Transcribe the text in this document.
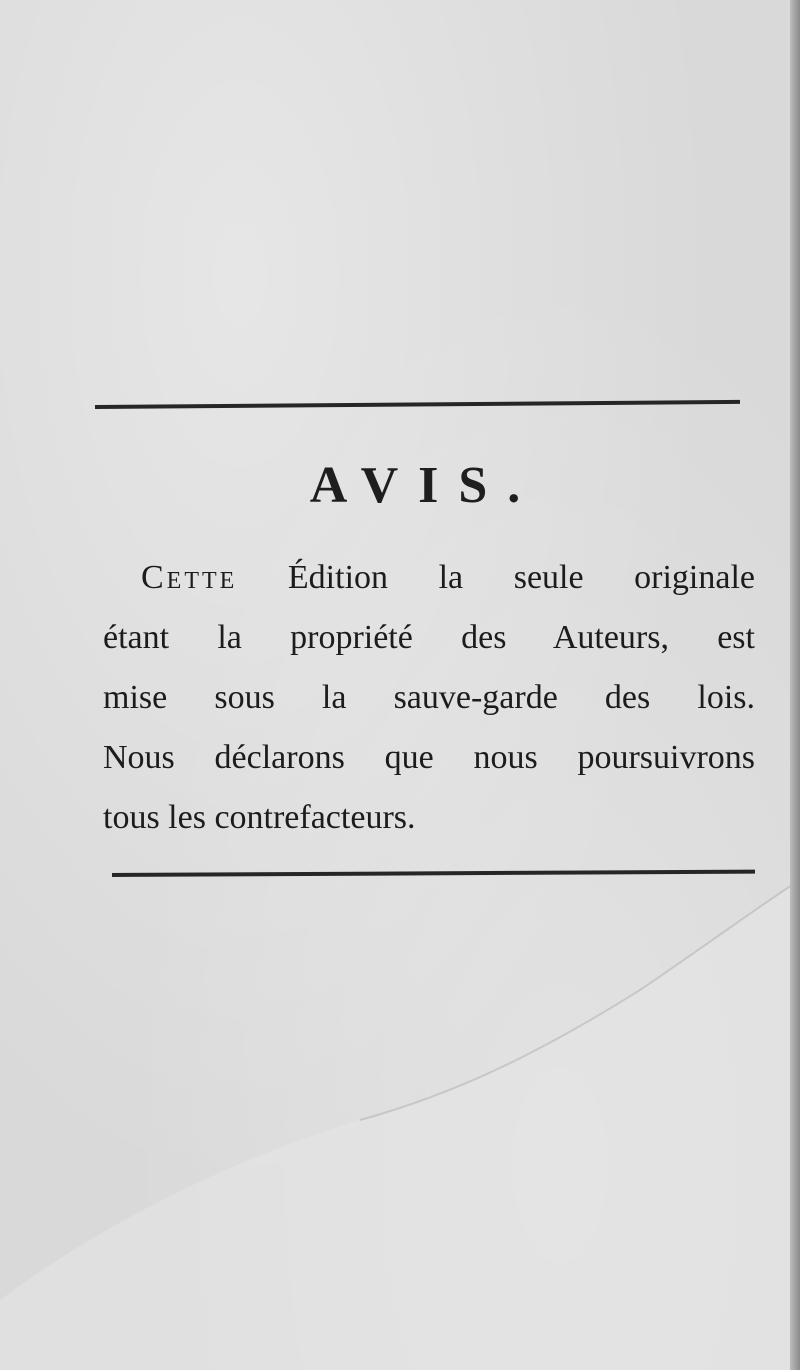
AVIS.
Cette Édition la seule originale
étant la propriété des Auteurs, est
mise sous la sauve-garde des lois.
Nous déclarons que nous poursuivrons
tous les contrefacteurs.
